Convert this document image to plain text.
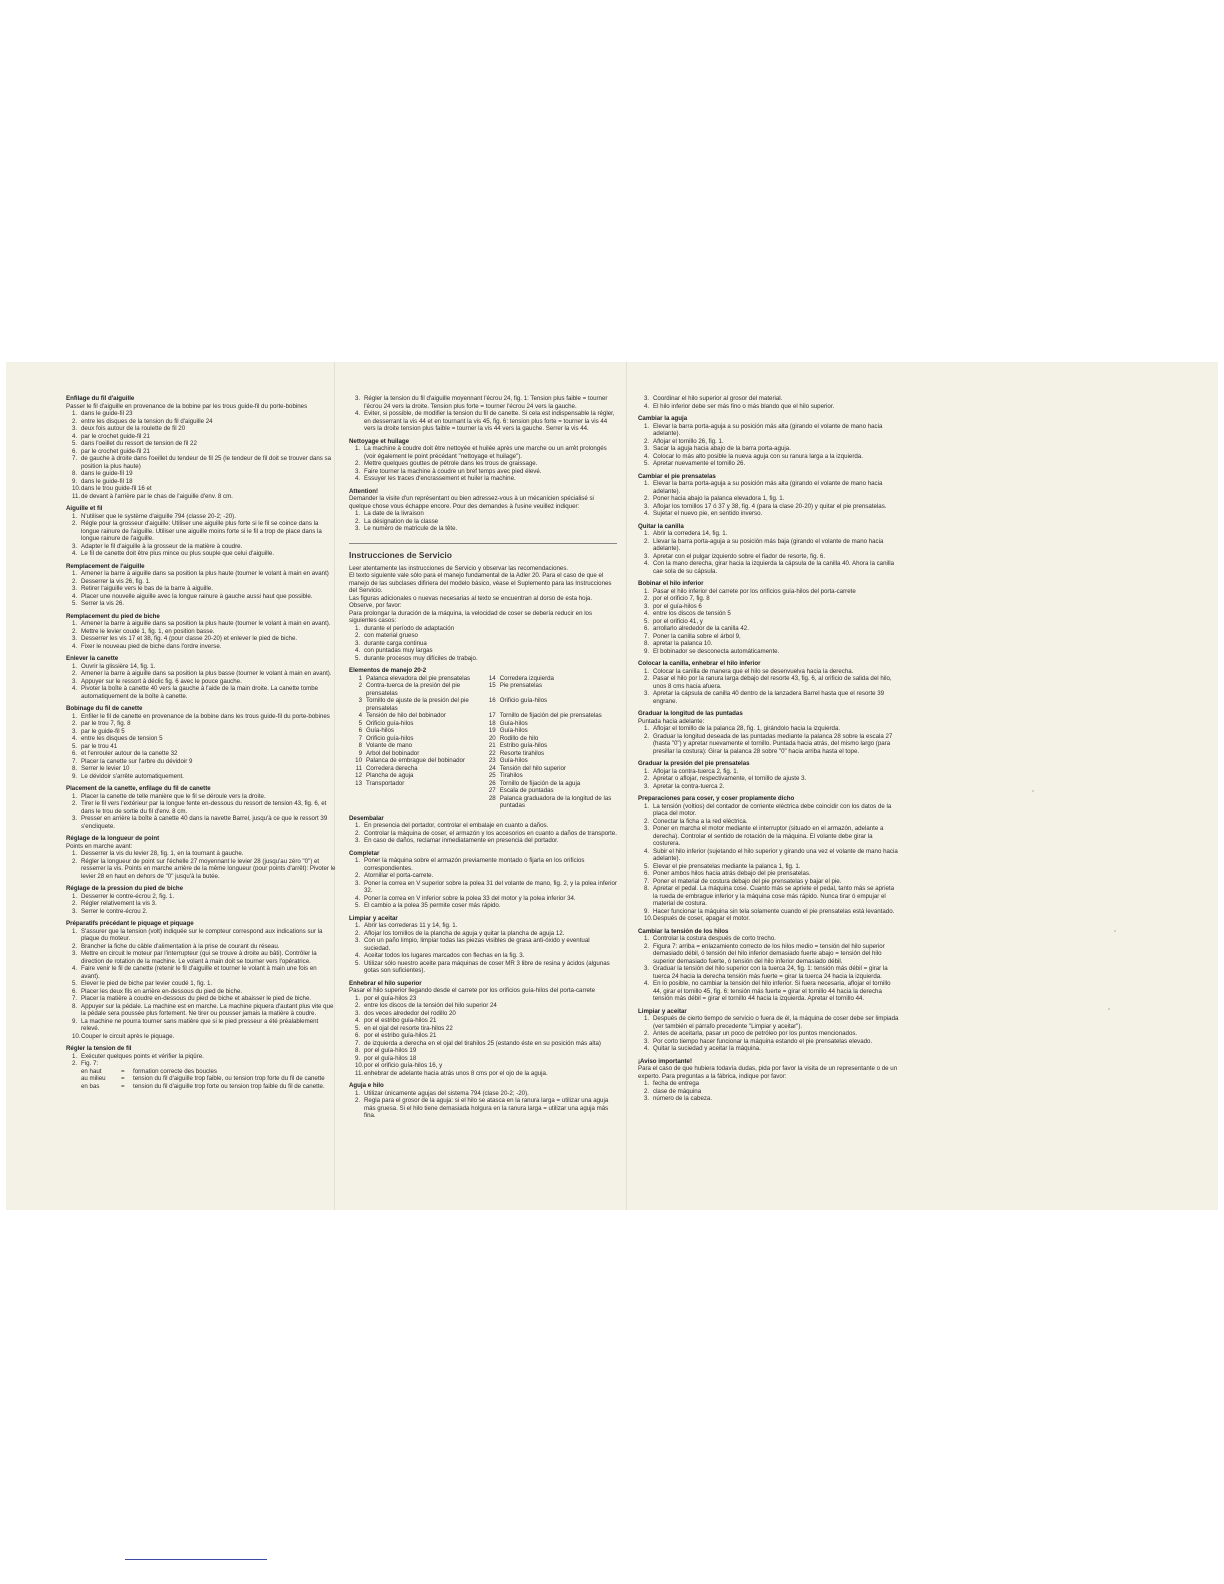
Enfilage du fil d'aiguille
Passer le fil d'aiguille en provenance de la bobine par les trous guide-fil du porte-bobines
1. dans le guide-fil 23
2. entre les disques de la tension du fil d'aiguille 24
3. deux fois autour de la roulette de fil 20
4. par le crochet guide-fil 21
5. dans l'oeillet du ressort de tension de fil 22
6. par le crochet guide-fil 21
7. de gauche à droite dans l'oeillet du tendeur de fil 25 (le tendeur de fil doit se trouver dans sa position la plus haute)
8. dans le guide-fil 19
9. dans le guide-fil 18
10.dans le trou guide-fil 16 et
11.de devant à l'arrière par le chas de l'aiguille d'env. 8 cm.
Aiguille et fil
1. N'utiliser que le système d'aiguille 794 (classe 20-2; -20).
2. Régle pour la grosseur d'aiguille: Utiliser une aiguille plus forte si le fil se coince dans la longue rainure de l'aiguille. Utiliser une aiguille moins forte si le fil a trop de place dans la longue rainure de l'aiguille.
3. Adapter le fil d'aiguille à la grosseur de la matière à coudre.
4. Le fil de canette doit être plus mince ou plus souple que celui d'aiguille.
Remplacement de l'aiguille
1. Amener la barre à aiguille dans sa position la plus haute (tourner le volant à main en avant)
2. Desserrer la vis 26, fig. 1.
3. Retirer l'aiguille vers le bas de la barre à aiguille.
4. Placer une nouvelle aiguille avec la longue rainure à gauche aussi haut que possible.
5. Serrer la vis 26.
Remplacement du pied de biche
1. Amener la barre à aiguille dans sa position la plus haute (tourner le volant à main en avant).
2. Mettre le levier coudé 1, fig. 1, en position basse.
3. Desserrer les vis 17 et 38, fig. 4 (pour classe 20-20) et enlever le pied de biche.
4. Fixer le nouveau pied de biche dans l'ordre inverse.
Enlever la canette
1. Ouvrir la glissière 14, fig. 1.
2. Amener la barre à aiguille dans sa position la plus basse (tourner le volant à main en avant).
3. Appuyer sur le ressort à déclic fig. 6 avec le pouce gauche.
4. Pivoter la boîte à canette 40 vers la gauche à l'aide de la main droite. La canette tombe automatiquement de la boîte à canette.
Bobinage du fil de canette
1. Enfiler le fil de canette en provenance de la bobine dans les trous guide-fil du porte-bobines
2. par le trou 7, fig. 8
3. par le guide-fil 5
4. entre les disques de tension 5
5. par le trou 41
6. et l'enrouler autour de la canette 32
7. Placer la canette sur l'arbre du dévidoir 9
8. Serrer le levier 10
9. Le dévidoir s'arrête automatiquement.
Placement de la canette, enfilage du fil de canette
1. Placer la canette de telle manière que le fil se déroule vers la droite.
2. Tirer le fil vers l'extérieur par la longue fente en-dessous du ressort de tension 43, fig. 6, et dans le trou de sortie du fil d'env. 8 cm.
3. Presser en arrière la boîte à canette 40 dans la navette Barrel, jusqu'à ce que le ressort 39 s'encliquete.
Réglage de la longueur de point
Points en marche avant:
1. Desserrer la vis du levier 28, fig. 1, en la tournant à gauche.
2. Régler la longueur de point sur l'échelle 27 moyennant le levier 28 (jusqu'au zéro "0") et resserrer la vis. Points en marche arrière de la même longueur (pour points d'arrêt): Pivoter le levier 28 en haut en dehors de "0" jusqu'à la butée.
Réglage de la pression du pied de biche
1. Desserrer le contre-écrou 2, fig. 1.
2. Régler relativement la vis 3.
3. Serrer le contre-écrou 2.
Préparatifs précédant le piquage et piquage
1. S'assurer que la tension (volt) indiquée sur le compteur correspond aux indications sur la plaque du moteur.
2. Brancher la fiche du câble d'alimentation à la prise de courant du réseau.
3. Mettre en circuit le moteur par l'interrupteur (qui se trouve à droite au bâti). Contrôler la direction de rotation de la machine. Le volant à main doit se tourner vers l'opératrice.
4. Faire venir le fil de canette (retenir le fil d'aiguille et tourner le volant à main une fois en avant).
5. Elever le pied de biche par levier coudé 1, fig. 1.
6. Placer les deux fils en arrière en-dessous du pied de biche.
7. Placer la matière à coudre en-dessous du pied de biche et abaisser le pied de biche.
8. Appuyer sur la pédale. La machine est en marche. La machine piquera d'autant plus vite que la pédale sera poussée plus fortement. Ne tirer ou pousser jamais la matière à coudre.
9. La machine ne pourra tourner sans matière que si le pied presseur a été préalablement relevé.
10.Couper le circuit après le piquage.
Régler la tension de fil
1. Exécuter quelques points et vérifier la piqûre.
2. Fig. 7:
en haut	=	formation correcte des boucles
au milieu	=	tension du fil d'aiguille trop faible, ou tension trop forte du fil de canette
en bas	=	tension du fil d'aiguille trop forte ou tension trop faible du fil de canette.
3. Régler la tension du fil d'aiguille moyennant l'écrou 24, fig. 1: Tension plus faible = tourner l'écrou 24 vers la droite. Tension plus forte = tourner l'écrou 24 vers la gauche.
4. Eviter, si possible, de modifier la tension du fil de canette. Si cela est indispensable la régler, en desserrant la vis 44 et en tournant la vis 45, fig. 6: tension plus forte = tourner la vis 44 vers la droite tension plus faible = tourner la vis 44 vers la gauche. Serrer la vis 44.
Nettoyage et huilage
1. La machine à coudre doit être nettoyée et huilée après une marche ou un arrêt prolongés (voir également le point précédant "nettoyage et huilage").
2. Mettre quelques gouttes de pétrole dans les trous de graissage.
3. Faire tourner la machine à coudre un bref temps avec pied élevé.
4. Essuyer les traces d'encrassement et huiler la machine.
Attention!
Demander la visite d'un représentant ou bien adressez-vous à un mécanicien spécialisé si quelque chose vous échappe encore. Pour des demandes à l'usine veuillez indiquer:
1. La date de la livraison
2. La désignation de la classe
3. Le numéro de matricule de la tête.
Instrucciones de Servicio
Leer atentamente las instrucciones de Servicio y observar las recomendaciones.
El texto siguiente vale sólo para el manejo fundamental de la Adler 20. Para el caso de que el manejo de las subclases difiriera del modelo básico, véase el Suplemento para las Instrucciones del Servicio.
Las figuras adicionales o nuevas necesarias al texto se encuentran al dorso de esta hoja.
Observe, por favor:
Para prolongar la duración de la máquina, la velocidad de coser se debería reducir en los siguientes casos:
1. durante el período de adaptación
2. con material grueso
3. durante carga continua
4. con puntadas muy largas
5. durante procesos muy difíciles de trabajo.
Elementos de manejo 20-2
1	Palanca elevadora del pie prensatelas	14	Corredera izquierda
2	Contra-tuerca de la presión del pie prensatelas	15	Pie prensatelas
3	Tornillo de ajuste de la presión del pie prensatelas	16	Orificio guía-hilos
4	Tensión de hilo del bobinador	17	Tornillo de fijación del pie prensatelas
5	Orificio guía-hilos	18	Guía-hilos
6	Guía-hilos	19	Guía-hilos
7	Orificio guía-hilos	20	Rodillo de hilo
8	Volante de mano	21	Estribo guía-hilos
9	Arbol del bobinador	22	Resorte tirahilos
10	Palanca de embrague del bobinador	23	Guía-hilos
11	Corredera derecha	24	Tensión del hilo superior
12	Plancha de aguja	25	Tirahilos
13	Transportador	26	Tornillo de fijación de la aguja
		27	Escala de puntadas
		28	Palanca graduadora de la longitud de las puntadas
Desembalar
1. En presencia del portador, controlar el embalaje en cuanto a daños.
2. Controlar la máquina de coser, el armazón y los accesorios en cuanto a daños de transporte.
3. En caso de daños, reclamar inmediatamente en presencia del portador.
Completar
1. Poner la máquina sobre el armazón previamente montado o fijarla en los orificios correspondientes.
2. Atornillar el porta-carrete.
3. Poner la correa en V superior sobre la polea 31 del volante de mano, fig. 2, y la polea inferior 32.
4. Poner la correa en V inferior sobre la polea 33 del motor y la polea inferior 34.
5. El cambio a la polea 35 permite coser más rápido.
Limpiar y aceitar
1. Abrir las correderas 11 y 14, fig. 1.
2. Aflojar los tornillos de la plancha de aguja y quitar la plancha de aguja 12.
3. Con un paño limpio, limpiar todas las piezas visibles de grasa anti-óxido y eventual suciedad.
4. Aceitar todos los lugares marcados con flechas en la fig. 3.
5. Utilizar sólo nuestro aceite para máquinas de coser MR 3 libre de resina y ácidos (algunas gotas son suficientes).
Enhebrar el hilo superior
Pasar el hilo superior llegando desde el carrete por los orificios guía-hilos del porta-carrete
1. por el guía-hilos 23
2. entre los discos de la tensión del hilo superior 24
3. dos veces alrededor del rodillo 20
4. por el estribo guía-hilos 21
5. en el ojal del resorte tira-hilos 22
6. por el estribo guía-hilos 21
7. de izquierda a derecha en el ojal del tirahilos 25 (estando éste en su posición más alta)
8. por el guía-hilos 19
9. por el guía-hilos 18
10.por el orificio guía-hilos 16, y
11.enhebrar de adelante hacia atrás unos 8 cms por el ojo de la aguja.
Aguja e hilo
1. Utilizar únicamente agujas del sistema 794 (clase 20-2; -20).
2. Regla para el grosor de la aguja: si el hilo se atasca en la ranura larga = utilizar una aguja más gruesa. Si el hilo tiene demasiada holgura en la ranura larga = utilizar una aguja más fina.
3. Coordinar el hilo superior al grosor del material.
4. El hilo inferior debe ser más fino o más blando que el hilo superior.
Cambiar la aguja
1. Elevar la barra porta-aguja a su posición más alta (girando el volante de mano hacia adelante).
2. Aflojar el tornillo 26, fig. 1.
3. Sacar la aguja hacia abajo de la barra porta-aguja.
4. Colocar lo más alto posible la nueva aguja con su ranura larga a la izquierda.
5. Apretar nuevamente el tornillo 26.
Cambiar el pie prensatelas
1. Elevar la barra porta-aguja a su posición más alta (girando el volante de mano hacia adelante).
2. Poner hacia abajo la palanca elevadora 1, fig. 1.
3. Aflojar los tornillos 17 ó 37 y 38, fig. 4 (para la clase 20-20) y quitar el pie prensatelas.
4. Sujetar el nuevo pie, en sentido inverso.
Quitar la canilla
1. Abrir la corredera 14, fig. 1.
2. Llevar la barra porta-aguja a su posición más baja (girando el volante de mano hacia adelante).
3. Apretar con el pulgar izquierdo sobre el fiador de resorte, fig. 6.
4. Con la mano derecha, girar hacia la izquierda la cápsula de la canilla 40. Ahora la canilla cae sola de su cápsula.
Bobinar el hilo inferior
1. Pasar el hilo inferior del carrete por los orificios guía-hilos del porta-carrete
2. por el orificio 7, fig. 8
3. por el guía-hilos 6
4. entre los discos de tensión 5
5. por el orificio 41, y
6. arrollarlo alrededor de la canilla 42.
7. Poner la canilla sobre el árbol 9,
8. apretar la palanca 10.
9. El bobinador se desconecta automáticamente.
Colocar la canilla, enhebrar el hilo inferior
1. Colocar la canilla de manera que el hilo se desenvuelva hacia la derecha.
2. Pasar el hilo por la ranura larga debajo del resorte 43, fig. 6, al orificio de salida del hilo, unos 8 cms hacia afuera.
3. Apretar la cápsula de canilla 40 dentro de la lanzadera Barrel hasta que el resorte 39 engrane.
Graduar la longitud de las puntadas
Puntada hacia adelante:
1. Aflojar el tornillo de la palanca 28, fig. 1, girándolo hacia la izquierda.
2. Graduar la longitud deseada de las puntadas mediante la palanca 28 sobre la escala 27 (hasta "0") y apretar nuevamente el tornillo. Puntada hacia atrás, del mismo largo (para presillar la costura): Girar la palanca 28 sobre "0" hacia arriba hasta el tope.
Graduar la presión del pie prensatelas
1. Aflojar la contra-tuerca 2, fig. 1.
2. Apretar o aflojar, respectivamente, el tornillo de ajuste 3.
3. Apretar la contra-tuerca 2.
Preparaciones para coser, y coser propiamente dicho
1. La tensión (voltios) del contador de corriente eléctrica debe coincidir con los datos de la placa del motor.
2. Conectar la ficha a la red eléctrica.
3. Poner en marcha el motor mediante el interruptor (situado en el armazón, adelante a derecha). Controlar el sentido de rotación de la máquina. El volante debe girar la costurera.
4. Subir el hilo inferior (sujetando el hilo superior y girando una vez el volante de mano hacia adelante).
5. Elevar el pie prensatelas mediante la palanca 1, fig. 1.
6. Poner ambos hilos hacia atrás debajo del pie prensatelas.
7. Poner el material de costura debajo del pie prensatelas y bajar el pie.
8. Apretar el pedal. La máquina cose. Cuanto más se apriete el pedal, tanto más se aprieta la rueda de embrague inferior y la máquina cose más rápido. Nunca tirar ó empujar el material de costura.
9. Hacer funcionar la máquina sin tela solamente cuando el pie prensatelas está levantado.
10.Después de coser, apagar el motor.
Cambiar la tensión de los hilos
1. Controlar la costura después de corto trecho.
2. Figura 7: arriba = enlazamiento correcto de los hilos medio = tensión del hilo superior demasiado débil, ó tensión del hilo inferior demasiado fuerte abajo = tensión del hilo superior demasiado fuerte, ó tensión del hilo inferior demasiado débil.
3. Graduar la tensión del hilo superior con la tuerca 24, fig. 1: tensión más débil = girar la tuerca 24 hacia la derecha tensión más fuerte = girar la tuerca 24 hacia la izquierda.
4. En lo posible, no cambiar la tensión del hilo inferior. Si fuera necesaria, aflojar el tornillo 44, girar el tornillo 45, fig. 6: tensión más fuerte = girar el tornillo 44 hacia la derecha tensión más débil = girar el tornillo 44 hacia la izquierda. Apretar el tornillo 44.
Limpiar y aceitar
1. Después de cierto tiempo de servicio o fuera de él, la máquina de coser debe ser limpiada (ver también el párrafo precedente "Limpiar y aceitar").
2. Antes de aceitarla, pasar un poco de petróleo por los puntos mencionados.
3. Por corto tiempo hacer funcionar la máquina estando el pie prensatelas elevado.
4. Quitar la suciedad y aceitar la máquina.
¡Aviso importante!
Para el caso de que hubiera todavía dudas, pida por favor la visita de un representante o de un experto. Para preguntas a la fábrica, indique por favor:
1. fecha de entrega
2. clase de máquina
3. número de la cabeza.
